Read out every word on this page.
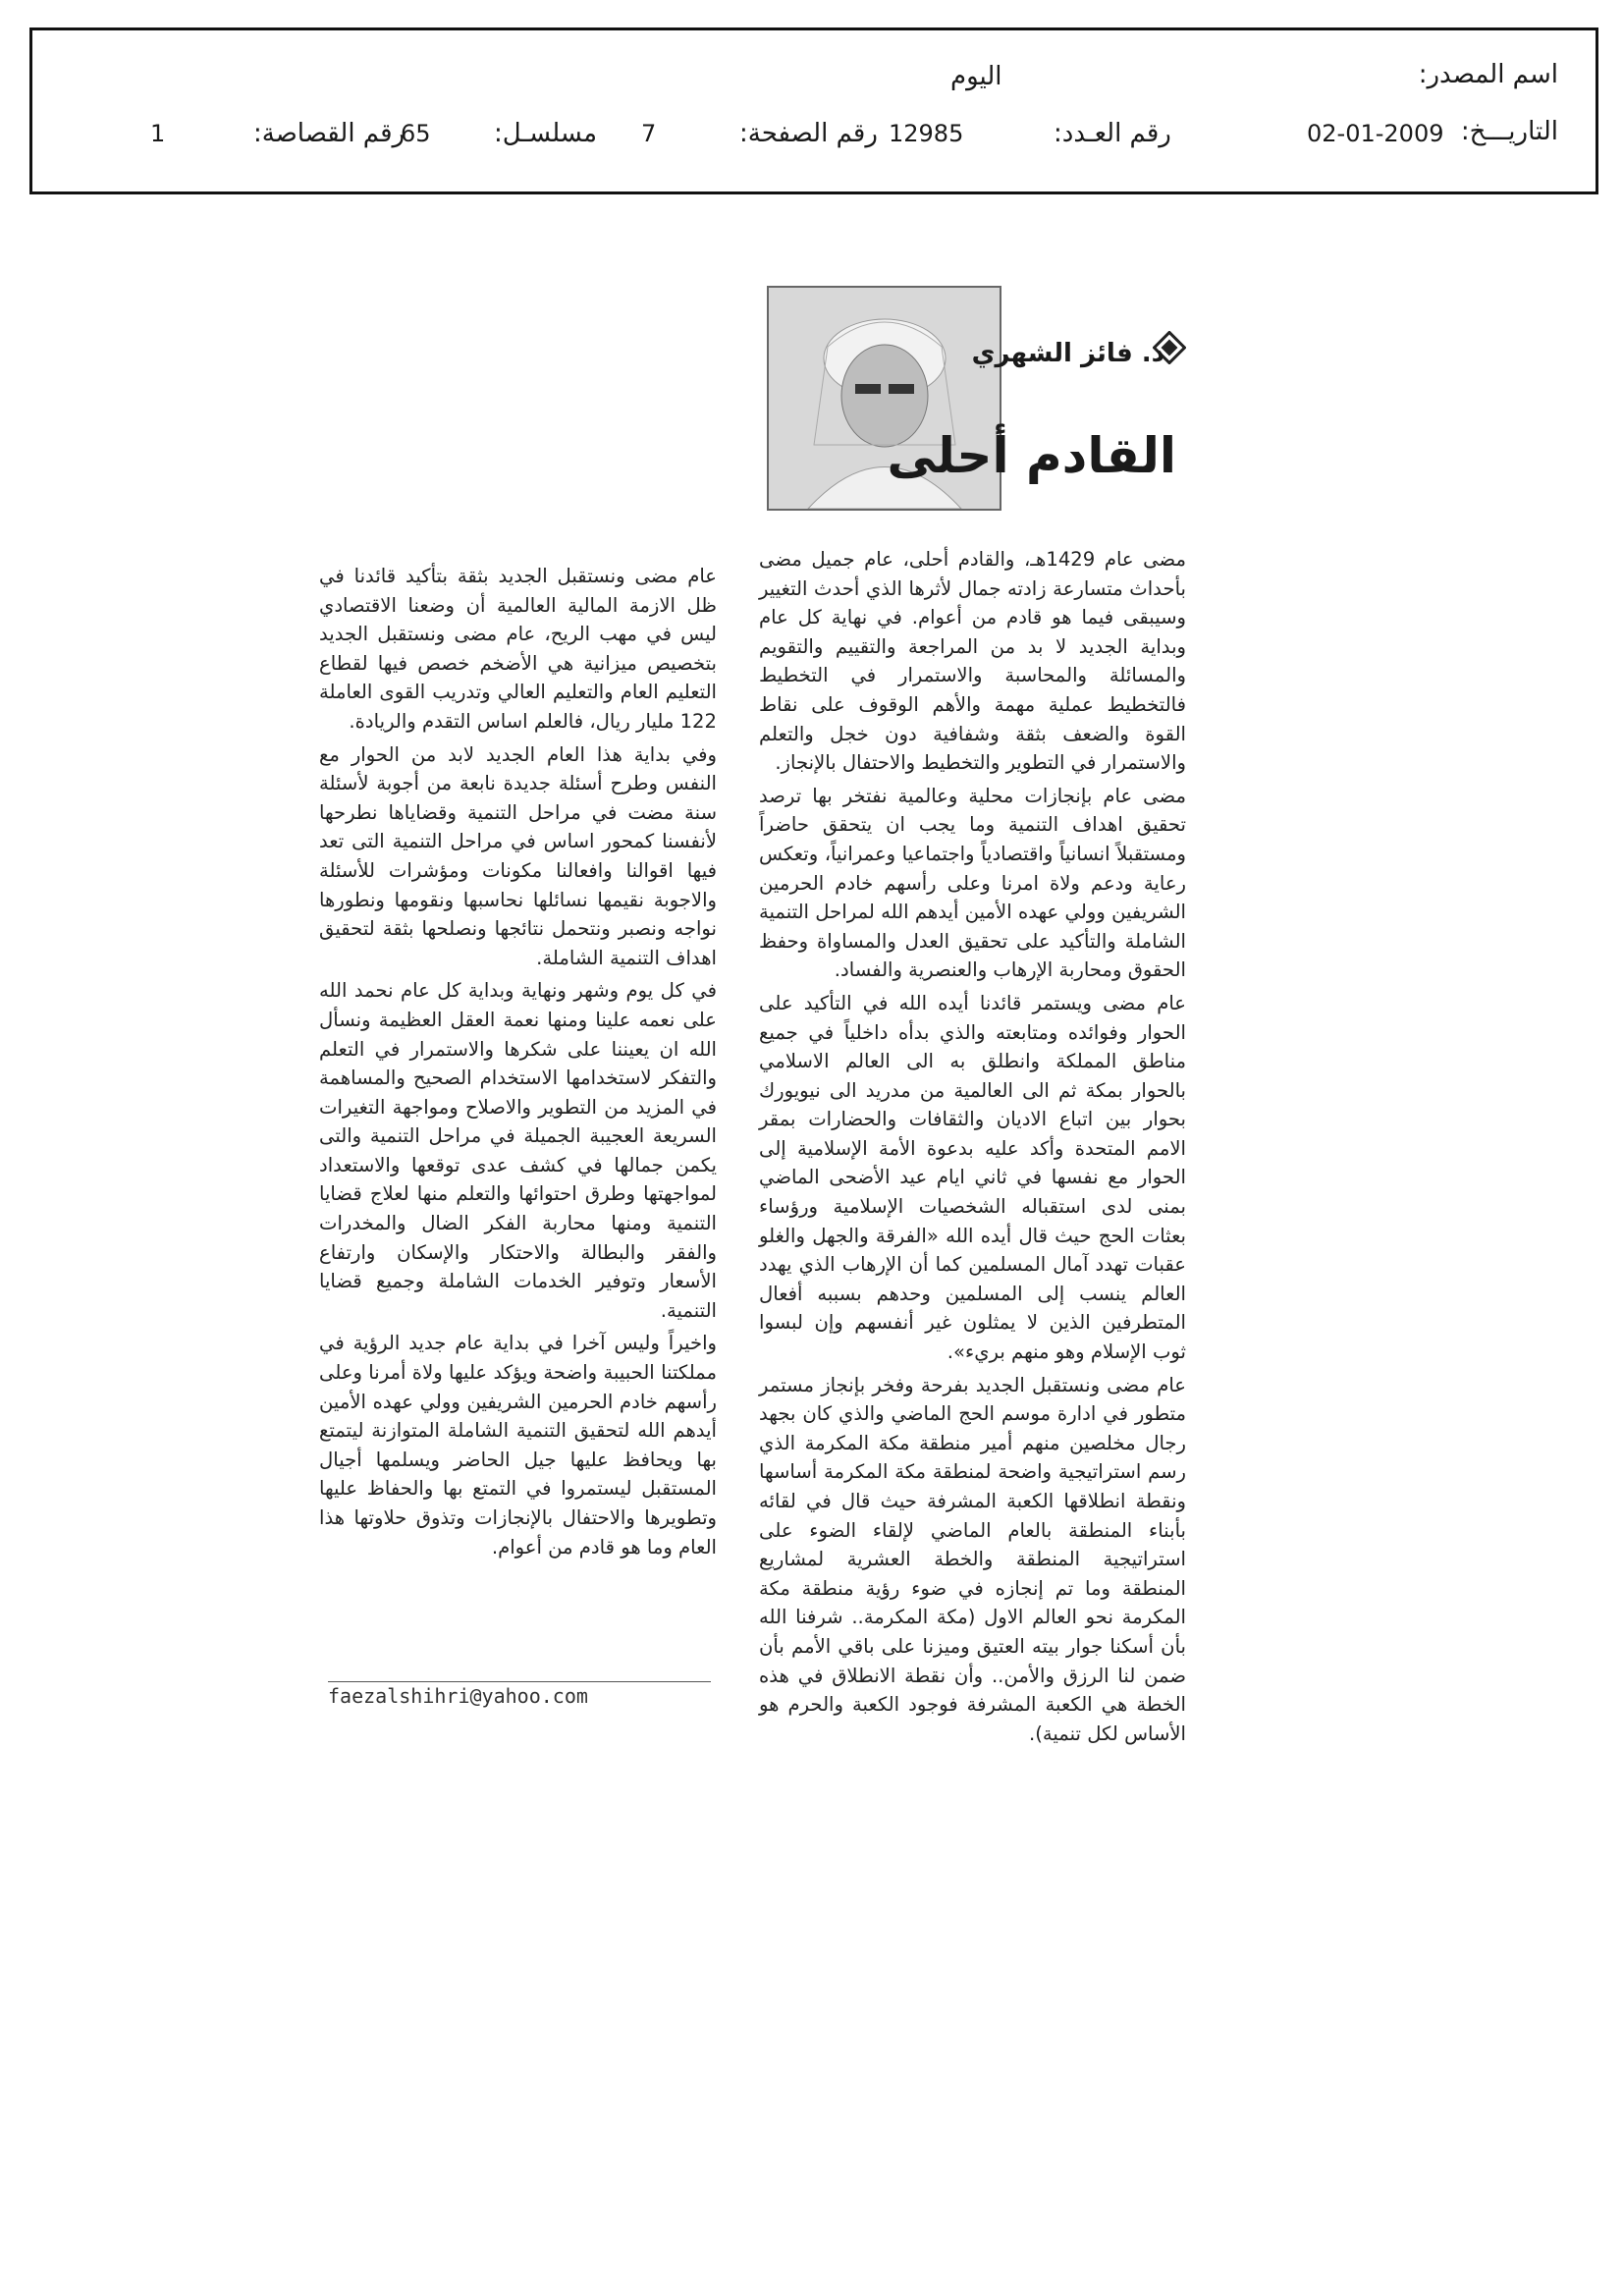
اسم المصدر:
اليوم
التاريـــخ:
02-01-2009
رقم العـدد:
12985
رقم الصفحة:
7
مسلسـل:
65
رقم القصاصة:
1
د. فائز الشهري
القادم أحلى

مضى عام 1429هـ، والقادم أحلى، عام جميل مضى بأحداث متسارعة زادته جمال لأثرها الذي أحدث التغيير وسيبقى فيما هو قادم من أعوام. في نهاية كل عام وبداية الجديد لا بد من المراجعة والتقييم والتقويم والمسائلة والمحاسبة والاستمرار في التخطيط فالتخطيط عملية مهمة والأهم الوقوف على نقاط القوة والضعف بثقة وشفافية دون خجل والتعلم والاستمرار في التطوير والتخطيط والاحتفال بالإنجاز.

مضى عام بإنجازات محلية وعالمية نفتخر بها ترصد تحقيق اهداف التنمية وما يجب ان يتحقق حاضراً ومستقبلاً انسانياً واقتصادياً واجتماعيا وعمرانياً، وتعكس رعاية ودعم ولاة امرنا وعلى رأسهم خادم الحرمين الشريفين وولي عهده الأمين أيدهم الله لمراحل التنمية الشاملة والتأكيد على تحقيق العدل والمساواة وحفظ الحقوق ومحاربة الإرهاب والعنصرية والفساد.

عام مضى ويستمر قائدنا أيده الله في التأكيد على الحوار وفوائده ومتابعته والذي بدأه داخلياً في جميع مناطق المملكة وانطلق به الى العالم الاسلامي بالحوار بمكة ثم الى العالمية من مدريد الى نيويورك بحوار بين اتباع الاديان والثقافات والحضارات بمقر الامم المتحدة وأكد عليه بدعوة الأمة الإسلامية إلى الحوار مع نفسها في ثاني ايام عيد الأضحى الماضي بمنى لدى استقباله الشخصيات الإسلامية ورؤساء بعثات الحج حيث قال أيده الله «الفرقة والجهل والغلو عقبات تهدد آمال المسلمين كما أن الإرهاب الذي يهدد العالم ينسب إلى المسلمين وحدهم بسببه أفعال المتطرفين الذين لا يمثلون غير أنفسهم وإن لبسوا ثوب الإسلام وهو منهم بريء».

عام مضى ونستقبل الجديد بفرحة وفخر بإنجاز مستمر متطور في ادارة موسم الحج الماضي والذي كان بجهد رجال مخلصين منهم أمير منطقة مكة المكرمة الذي رسم استراتيجية واضحة لمنطقة مكة المكرمة أساسها ونقطة انطلاقها الكعبة المشرفة حيث قال في لقائه بأبناء المنطقة بالعام الماضي لإلقاء الضوء على استراتيجية المنطقة والخطة العشرية لمشاريع المنطقة وما تم إنجازه في ضوء رؤية منطقة مكة المكرمة نحو العالم الاول (مكة المكرمة.. شرفنا الله بأن أسكنا جوار بيته العتيق وميزنا على باقي الأمم بأن ضمن لنا الرزق والأمن.. وأن نقطة الانطلاق في هذه الخطة هي الكعبة المشرفة فوجود الكعبة والحرم هو الأساس لكل تنمية).

عام مضى ونستقبل الجديد بثقة بتأكيد قائدنا في ظل الازمة المالية العالمية أن وضعنا الاقتصادي ليس في مهب الريح، عام مضى ونستقبل الجديد بتخصيص ميزانية هي الأضخم خصص فيها لقطاع التعليم العام والتعليم العالي وتدريب القوى العاملة 122 مليار ريال، فالعلم اساس التقدم والريادة.

وفي بداية هذا العام الجديد لابد من الحوار مع النفس وطرح أسئلة جديدة نابعة من أجوبة لأسئلة سنة مضت في مراحل التنمية وقضاياها نطرحها لأنفسنا كمحور اساس في مراحل التنمية التى تعد فيها اقوالنا وافعالنا مكونات ومؤشرات للأسئلة والاجوبة نقيمها نسائلها نحاسبها ونقومها ونطورها نواجه ونصبر ونتحمل نتائجها ونصلحها بثقة لتحقيق اهداف التنمية الشاملة.

في كل يوم وشهر ونهاية وبداية كل عام نحمد الله على نعمه علينا ومنها نعمة العقل العظيمة ونسأل الله ان يعيننا على شكرها والاستمرار في التعلم والتفكر لاستخدامها الاستخدام الصحيح والمساهمة في المزيد من التطوير والاصلاح ومواجهة التغيرات السريعة العجيبة الجميلة في مراحل التنمية والتى يكمن جمالها في كشف عدى توقعها والاستعداد لمواجهتها وطرق احتوائها والتعلم منها لعلاج قضايا التنمية ومنها محاربة الفكر الضال والمخدرات والفقر والبطالة والاحتكار والإسكان وارتفاع الأسعار وتوفير الخدمات الشاملة وجميع قضايا التنمية.

واخيراً وليس آخرا في بداية عام جديد الرؤية في مملكتنا الحبيبة واضحة ويؤكد عليها ولاة أمرنا وعلى رأسهم خادم الحرمين الشريفين وولي عهده الأمين أيدهم الله لتحقيق التنمية الشاملة المتوازنة ليتمتع بها ويحافظ عليها جيل الحاضر ويسلمها أجيال المستقبل ليستمروا في التمتع بها والحفاظ عليها وتطويرها والاحتفال بالإنجازات وتذوق حلاوتها هذا العام وما هو قادم من أعوام.

faezalshihri@yahoo.com
